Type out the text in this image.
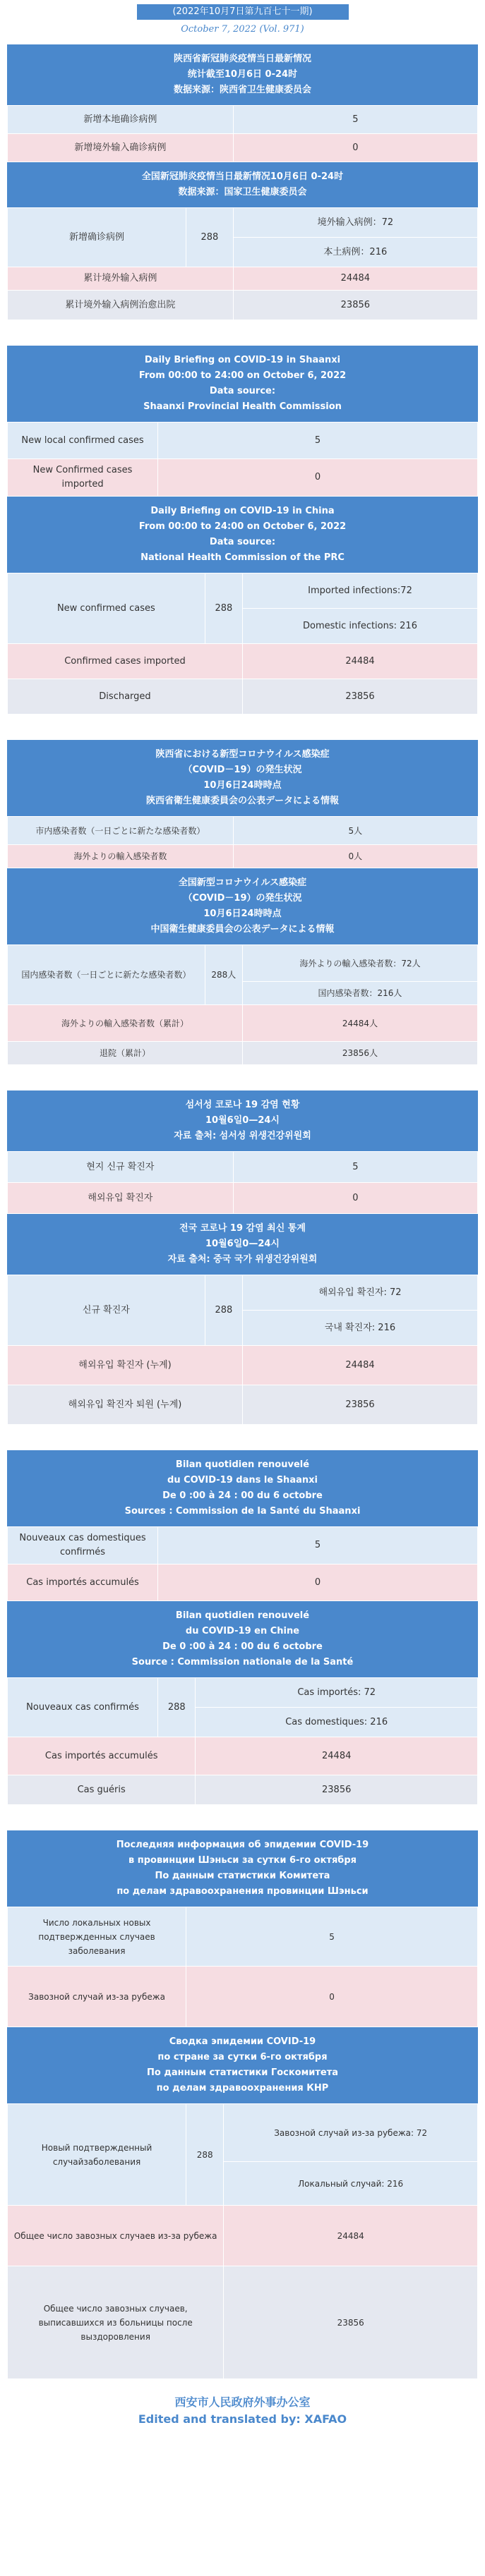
(2022年10月7日第九百七十一期)
October 7, 2022 (Vol. 971)
陕西省新冠肺炎疫情当日最新情况
统计截至10月6日 0-24时
数据来源：陕西省卫生健康委员会
新增本地确诊病例	5
新增境外输入确诊病例	0
全国新冠肺炎疫情当日最新情况10月6日 0-24时
数据来源：国家卫生健康委员会
新增确诊病例	288	境外输入病例：72
		本土病例：216
累计境外输入病例		24484
累计境外输入病例治愈出院		23856
Daily Briefing on COVID-19 in Shaanxi
From 00:00 to 24:00 on October 6, 2022
Data source:
Shaanxi Provincial Health Commission
New local confirmed cases	5
New Confirmed cases imported	0
Daily Briefing on COVID-19 in China
From 00:00 to 24:00 on October 6, 2022
Data source:
National Health Commission of the PRC
New confirmed cases	288	Imported infections:72
		Domestic infections: 216
Confirmed cases imported		24484
Discharged		23856
陝西省における新型コロナウイルス感染症
（COVID－19）の発生状況
10月6日24時時点
陝西省衛生健康委員会の公表データによる情報
市内感染者数（一日ごとに新たな感染者数）	5人
海外よりの輸入感染者数	0人
全国新型コロナウイルス感染症
（COVID－19）の発生状況
10月6日24時時点
中国衛生健康委員会の公表データによる情報
国内感染者数（一日ごとに新たな感染者数）	288人	海外よりの輸入感染者数：72人
		国内感染者数：216人
海外よりの輸入感染者数（累計）		24484人
退院（累計）		23856人
섬서성 코로나 19 감염 현황
10월6일0—24시
자료 출처: 섬서성 위생건강위원회
현지 신규 확진자	5
해외유입 확진자	0
전국 코로나 19 감염 최신 통계
10월6일0—24시
자료 출처: 중국 국가 위생건강위원회
신규 확진자	288	해외유입 확진자: 72
		국내 확진자: 216
해외유입 확진자 (누계)		24484
해외유입 확진자 퇴원 (누계)		23856
Bilan quotidien renouvelé
du COVID-19 dans le Shaanxi
De 0 :00 à 24 : 00 du 6 octobre
Sources : Commission de la Santé du Shaanxi
Nouveaux cas domestiques confirmés	5
Cas importés accumulés	0
Bilan quotidien renouvelé
du COVID-19 en Chine
De 0 :00 à 24 : 00 du 6 octobre
Source : Commission nationale de la Santé
Nouveaux cas confirmés	288	Cas importés: 72
		Cas domestiques: 216
Cas importés accumulés		24484
Cas guéris		23856
Последняя информация об эпидемии COVID-19
в провинции Шэньси за сутки 6-го октября
По данным статистики Комитета
по делам здравоохранения провинции Шэньси
Число локальных новых подтвержденных случаев заболевания	5
Завозной случай из-за рубежа	0
Сводка эпидемии COVID-19
по стране за сутки 6-го октября
По данным статистики Госкомитета
по делам здравоохранения КНР
Новый подтвержденный случайзаболевания	288	Завозной случай из-за рубежа: 72
		Локальный случай: 216
Общее число завозных случаев из-за рубежа		24484
Общее число завозных случаев, выписавшихся из больницы после выздоровления		23856
西安市人民政府外事办公室
Edited and translated by: XAFAO
